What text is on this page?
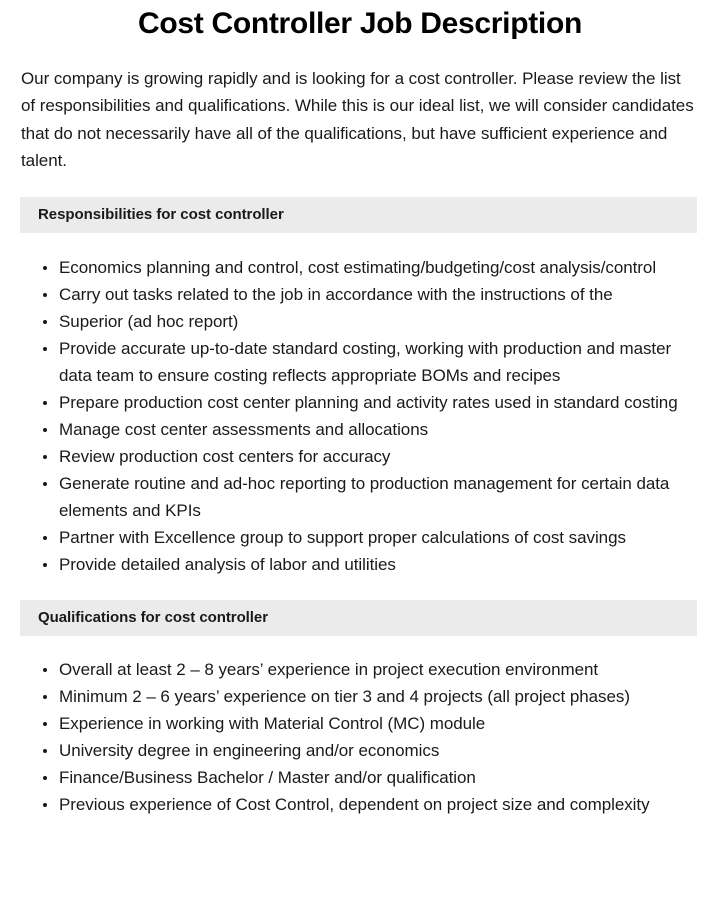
Cost Controller Job Description

Our company is growing rapidly and is looking for a cost controller. Please review the list of responsibilities and qualifications. While this is our ideal list, we will consider candidates that do not necessarily have all of the qualifications, but have sufficient experience and talent.

Responsibilities for cost controller
Economics planning and control, cost estimating/budgeting/cost analysis/control
Carry out tasks related to the job in accordance with the instructions of the
Superior (ad hoc report)
Provide accurate up-to-date standard costing, working with production and master data team to ensure costing reflects appropriate BOMs and recipes
Prepare production cost center planning and activity rates used in standard costing
Manage cost center assessments and allocations
Review production cost centers for accuracy
Generate routine and ad-hoc reporting to production management for certain data elements and KPIs
Partner with Excellence group to support proper calculations of cost savings
Provide detailed analysis of labor and utilities
Qualifications for cost controller
Overall at least 2 – 8 years’ experience in project execution environment
Minimum 2 – 6 years’ experience on tier 3 and 4 projects (all project phases)
Experience in working with Material Control (MC) module
University degree in engineering and/or economics
Finance/Business Bachelor / Master and/or qualification
Previous experience of Cost Control, dependent on project size and complexity
